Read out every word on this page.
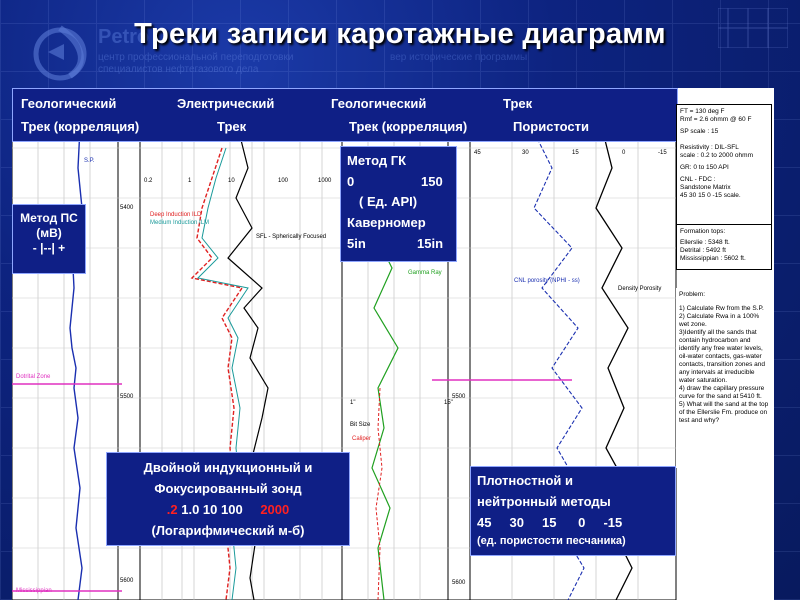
Petro
центр профессиональной переподготовки
специалистов нефтегазового дела
вер исторические программы
Треки записи каротажные диаграмм
S.P.
5400
5500
5600
5500
5600
Deep Induction ILD
Medium Induction ILM
SFL - Spherically Focused
Gamma Ray
Bit Size
Caliper
1"	15"
CNL porosity (NPHI - ss)
Density Porosity
Dotrital Zone
Mississippian
0.2	1	10	100	1000
45	30	15	0	-15
Геологический
Трек (корреляция)
Электрический
Трек
Геологический
Трек (корреляция)
Трек
Пористости
FT = 130 deg F
Rmf = 2.6 ohmm @ 60 F
SP scale : 15
Resistivity : DIL-SFL
scale : 0.2 to 2000 ohmm
GR: 0 to 150 API
CNL - FDC :
Sandstone Matrix
45 30 15 0 -15 scale.
Formation tops:
Ellerslie : 5348 ft.
Detrital : 5492 ft
Mississippian : 5602 ft.
Problem:
1) Calculate Rw from the S.P.
2) Calculate Rwa in a 100% wet zone.
3)Identify all the sands that contain hydrocarbon and identify any free water levels, oil-water contacts, gas-water contacts, transition zones and any intervals at irreducible water saturation.
4) draw the capillary pressure curve for the sand at 5410 ft.
5) What will the sand at the top of the Ellerslie Fm. produce on test and why?
Метод ГК
0	150
( Ед. API)
Каверномер
5in	15in
Метод ПС
(мВ)
- |--| +
Двойной индукционный и
Фокусированный зонд
.2 1.0 10 100 2000
(Логарифмический м-б)
Плотностной и
нейтронный методы
45     30     15      0     -15
(ед. пористости песчаника)
